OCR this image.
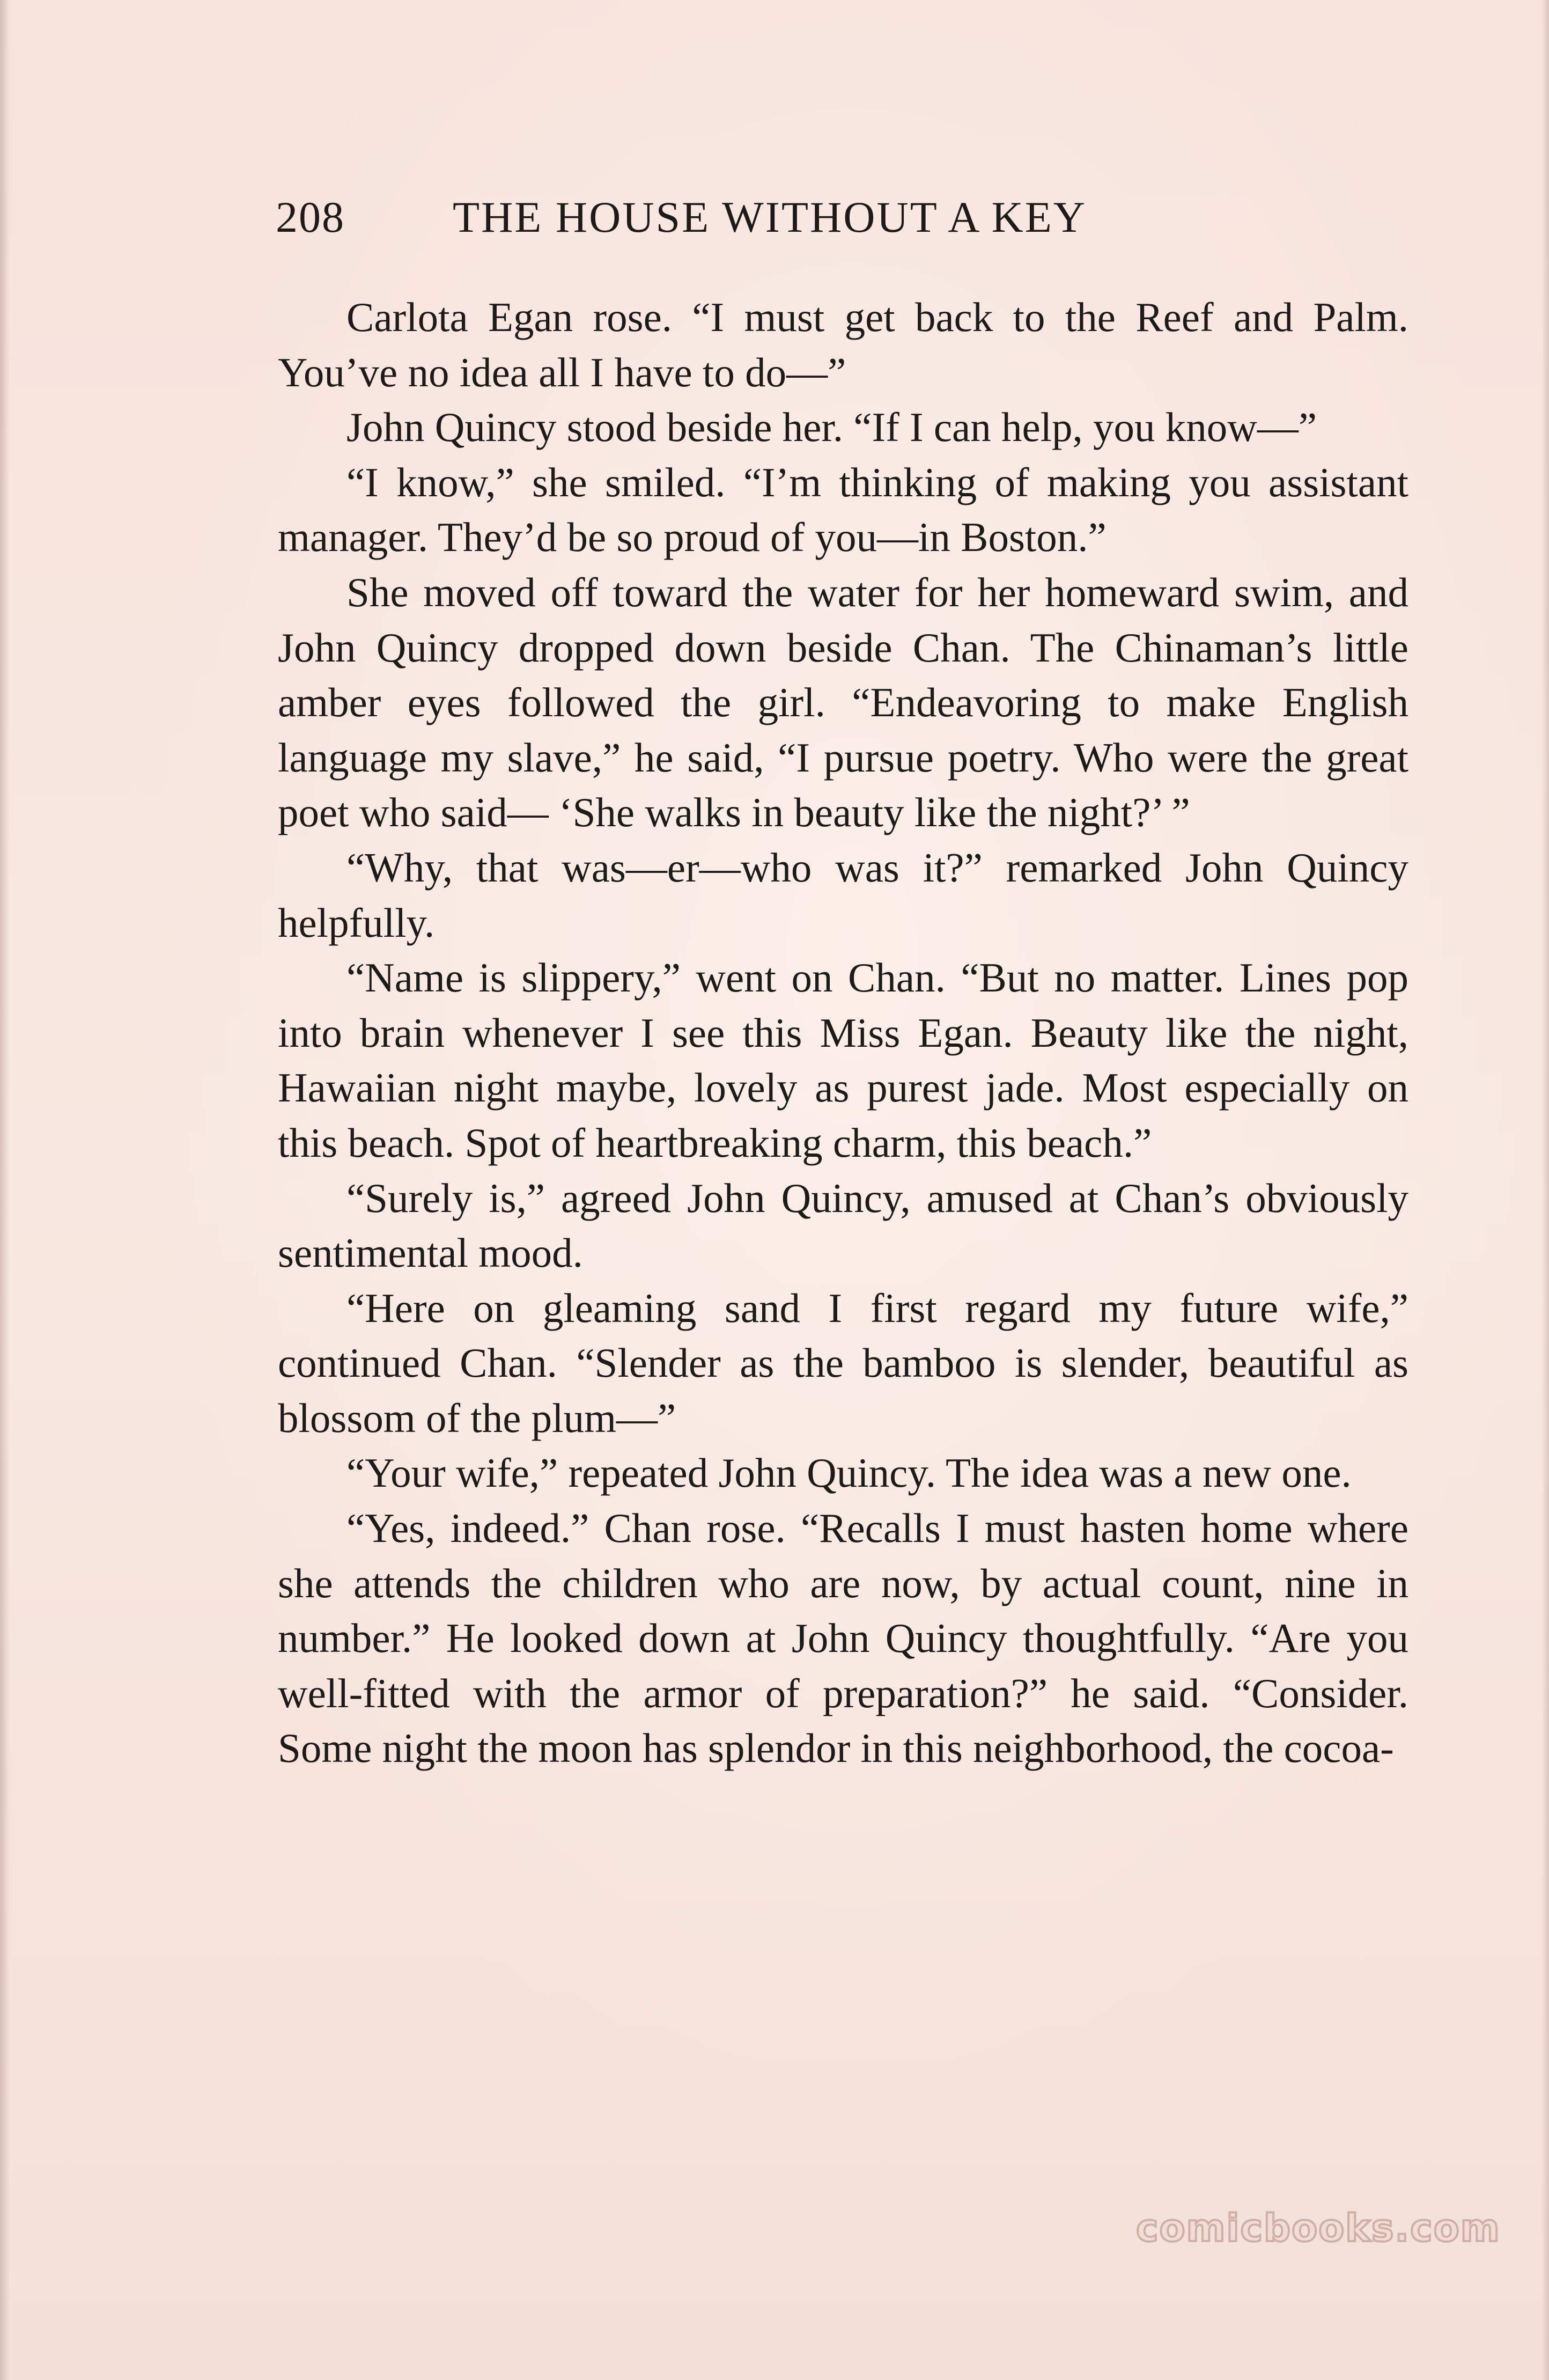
208 THE HOUSE WITHOUT A KEY

Carlota Egan rose. “I must get back to the Reef and Palm. You’ve no idea all I have to do—”

John Quincy stood beside her. “If I can help, you know—”

“I know,” she smiled. “I’m thinking of making you assistant manager. They’d be so proud of you—in Boston.”

She moved off toward the water for her homeward swim, and John Quincy dropped down beside Chan. The Chinaman’s little amber eyes followed the girl. “Endeavoring to make English language my slave,” he said, “I pursue poetry. Who were the great poet who said— ‘She walks in beauty like the night?’ ”

“Why, that was—er—who was it?” remarked John Quincy helpfully.

“Name is slippery,” went on Chan. “But no matter. Lines pop into brain whenever I see this Miss Egan. Beauty like the night, Hawaiian night maybe, lovely as purest jade. Most especially on this beach. Spot of heartbreaking charm, this beach.”

“Surely is,” agreed John Quincy, amused at Chan’s obviously sentimental mood.

“Here on gleaming sand I first regard my future wife,” continued Chan. “Slender as the bamboo is slender, beautiful as blossom of the plum—”

“Your wife,” repeated John Quincy. The idea was a new one.

“Yes, indeed.” Chan rose. “Recalls I must hasten home where she attends the children who are now, by actual count, nine in number.” He looked down at John Quincy thoughtfully. “Are you well-fitted with the armor of preparation?” he said. “Consider. Some night the moon has splendor in this neighborhood, the cocoa-

comicbooks.com
